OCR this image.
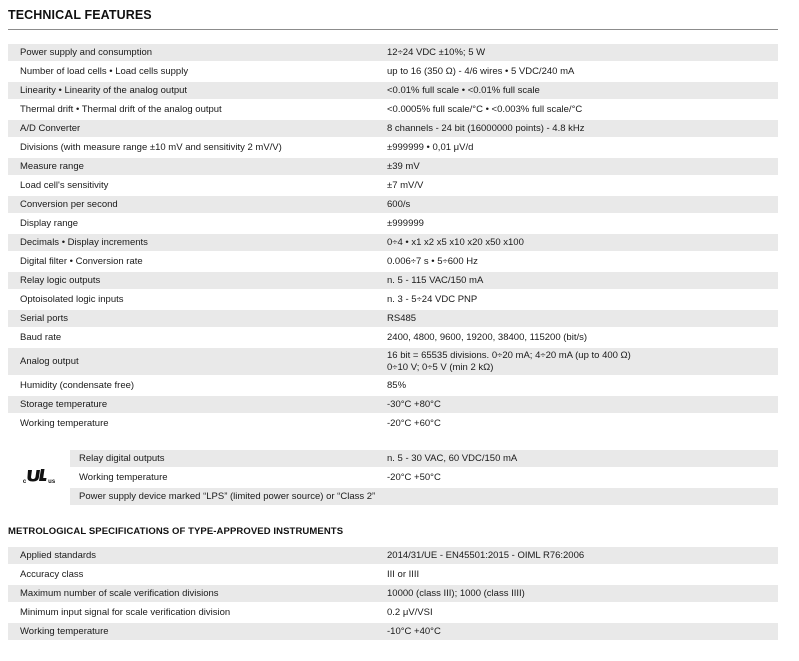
TECHNICAL FEATURES
Power supply and consumption	12÷24 VDC ±10%; 5 W

Number of load cells • Load cells supply	up to 16 (350 Ω) - 4/6 wires • 5 VDC/240 mA

Linearity • Linearity of the analog output	<0.01% full scale • <0.01% full scale

Thermal drift • Thermal drift of the analog output	<0.0005% full scale/°C • <0.003% full scale/°C

A/D Converter	8 channels - 24 bit (16000000 points) - 4.8 kHz

Divisions (with measure range ±10 mV and sensitivity 2 mV/V)	±999999 • 0,01 μV/d

Measure range	±39 mV

Load cell's sensitivity	±7 mV/V

Conversion per second	600/s

Display range	±999999

Decimals • Display increments	0÷4 • x1 x2 x5 x10 x20 x50 x100

Digital filter • Conversion rate	0.006÷7 s • 5÷600 Hz

Relay logic outputs	n. 5 - 115 VAC/150 mA

Optoisolated logic inputs	n. 3 - 5÷24 VDC PNP

Serial ports	RS485

Baud rate	2400, 4800, 9600, 19200, 38400, 115200 (bit/s)

Analog output	16 bit = 65535 divisions. 0÷20 mA; 4÷20 mA (up to 400 Ω)
0÷10 V; 0÷5 V (min 2 kΩ)

Humidity (condensate free)	85%

Storage temperature	-30°C +80°C

Working temperature	-20°C +60°C
c us	Relay digital outputs	n. 5 - 30 VAC, 60 VDC/150 mA
	Working temperature	-20°C +50°C
	Power supply device marked “LPS” (limited power source) or “Class 2”	
METROLOGICAL SPECIFICATIONS OF TYPE-APPROVED INSTRUMENTS
Applied standards	2014/31/UE - EN45501:2015 - OIML R76:2006

Accuracy class	III or IIII

Maximum number of scale verification divisions	10000 (class III); 1000 (class IIII)

Minimum input signal for scale verification division	0.2 μV/VSI

Working temperature	-10°C +40°C
